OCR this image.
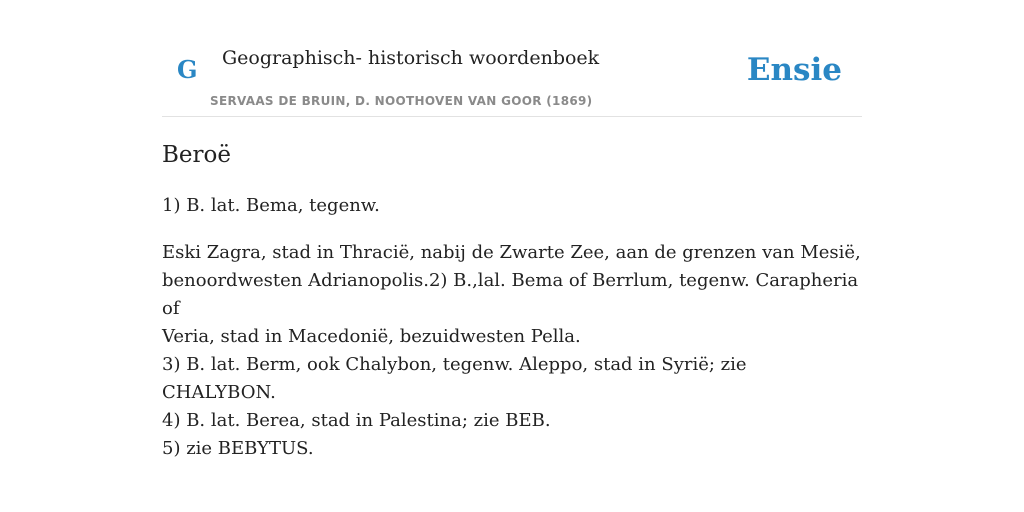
G Geographisch- historisch woordenboek
SERVAAS DE BRUIN, D. NOOTHOVEN VAN GOOR (1869)
Ensie
Beroë

1) B. lat. Bema, tegenw.

Eski Zagra, stad in Thracië, nabij de Zwarte Zee, aan de grenzen van Mesië,
benoordwesten Adrianopolis.2) B.,lal. Bema of Berrlum, tegenw. Carapheria of
Veria, stad in Macedonië, bezuidwesten Pella.
3) B. lat. Berm, ook Chalybon, tegenw. Aleppo, stad in Syrië; zie CHALYBON.
4) B. lat. Berea, stad in Palestina; zie BEB.
5) zie BEBYTUS.
